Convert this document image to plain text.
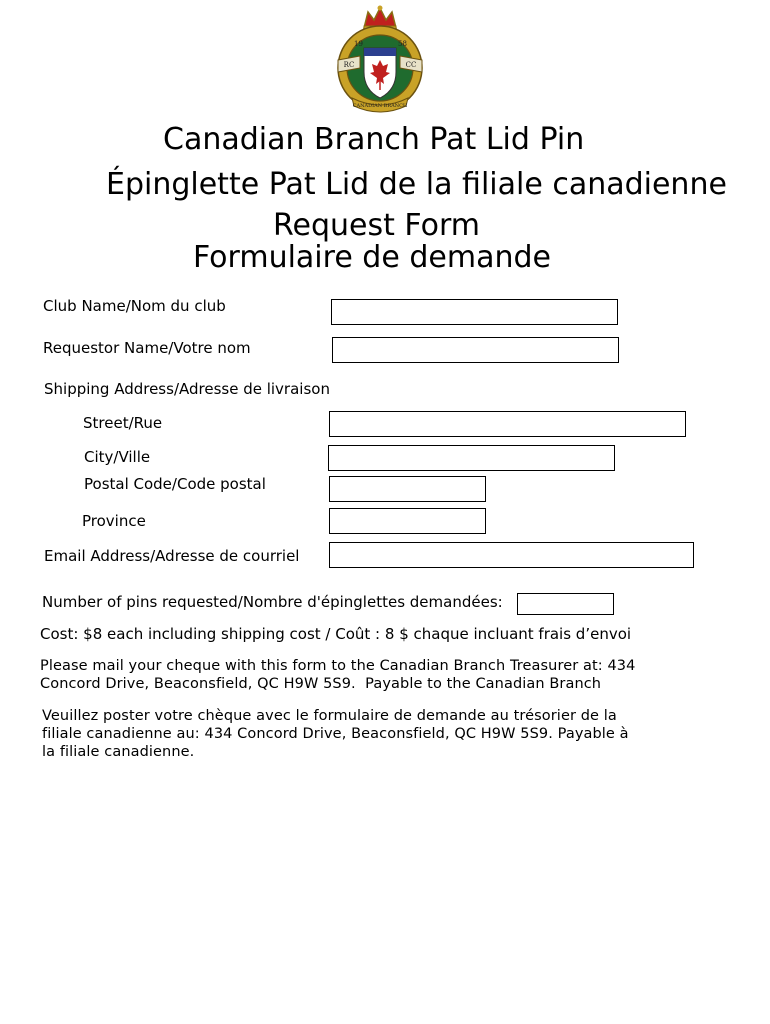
RC	CC
19	58
CANADIAN BRANCH
Canadian Branch Pat Lid Pin
Épinglette Pat Lid de la filiale canadienne
Request Form
Formulaire de demande
Club Name/Nom du club
Requestor Name/Votre nom
Shipping Address/Adresse de livraison
Street/Rue
City/Ville
Postal Code/Code postal
Province
Email Address/Adresse de courriel
Number of pins requested/Nombre d'épinglettes demandées:
Cost: $8 each including shipping cost / Coût : 8 $ chaque incluant frais d’envoi
Please mail your cheque with this form to the Canadian Branch Treasurer at: 434
Concord Drive, Beaconsfield, QC H9W 5S9.  Payable to the Canadian Branch
Veuillez poster votre chèque avec le formulaire de demande au trésorier de la
filiale canadienne au: 434 Concord Drive, Beaconsfield, QC H9W 5S9. Payable à
la filiale canadienne.
